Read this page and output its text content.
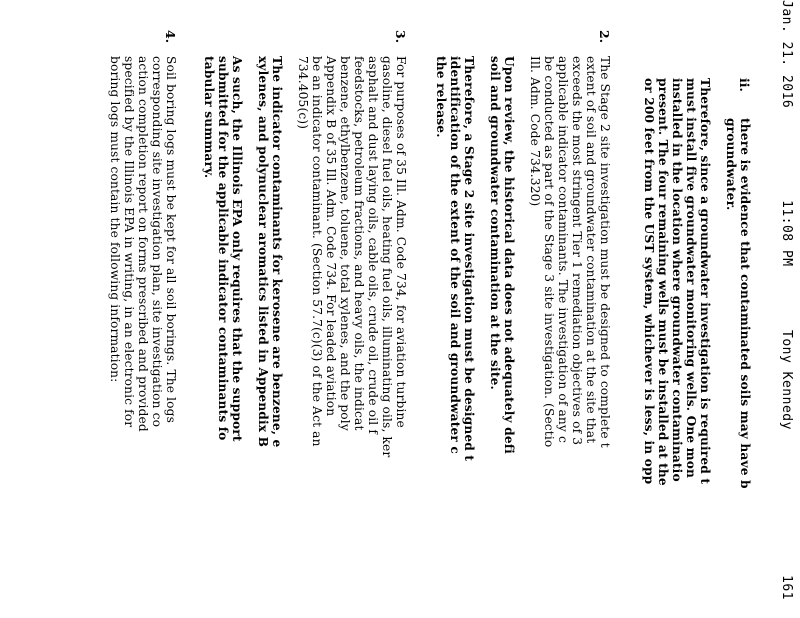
Jan. 21. 2016
11:08 PM
Tony Kennedy
161
ii.
there is evidence that contaminated soils may have b
groundwater.
Therefore, since a groundwater investigation is required t
must install five groundwater monitoring wells. One mon
installed in the location where groundwater contaminatio
present. The four remaining wells must be installed at the
or 200 feet from the UST system, whichever is less, in opp
2.
The Stage 2 site investigation must be designed to complete t
extent of soil and groundwater contamination at the site that
exceeds the most stringent Tier 1 remediation objectives of 3
applicable indicator contaminants. The investigation of any c
be conducted as part of the Stage 3 site investigation. (Sectio
Ill. Adm. Code 734.320)
Upon review, the historical data does not adequately defi
soil and groundwater contamination at the site.
Therefore, a Stage 2 site investigation must be designed t
identification of the extent of the soil and groundwater c
the release.
3.
For purposes of 35 Ill. Adm. Code 734, for aviation turbine
gasoline, diesel fuel oils, heating fuel oils, illuminating oils, ker
asphalt and dust laying oils, cable oils, crude oil, crude oil f
feedstocks, petroleum fractions, and heavy oils, the indicat
benzene, ethylbenzene, toluene, total xylenes, and the poly
Appendix B of 35 Ill. Adm. Code 734. For leaded aviation
be an indicator contaminant. (Section 57.7(c)(3) of the Act an
734.405(c))
The indicator contaminants for kerosene are benzene, e
xylenes, and polynuclear aromatics listed in Appendix B
As such, the Illinois EPA only requires that the support
submitted for the applicable indicator contaminants fo
tabular summary.
4.
Soil boring logs must be kept for all soil borings. The logs
corresponding site investigation plan, site investigation co
action completion report on forms prescribed and provided
specified by the Illinois EPA in writing, in an electronic for
boring logs must contain the following information:
